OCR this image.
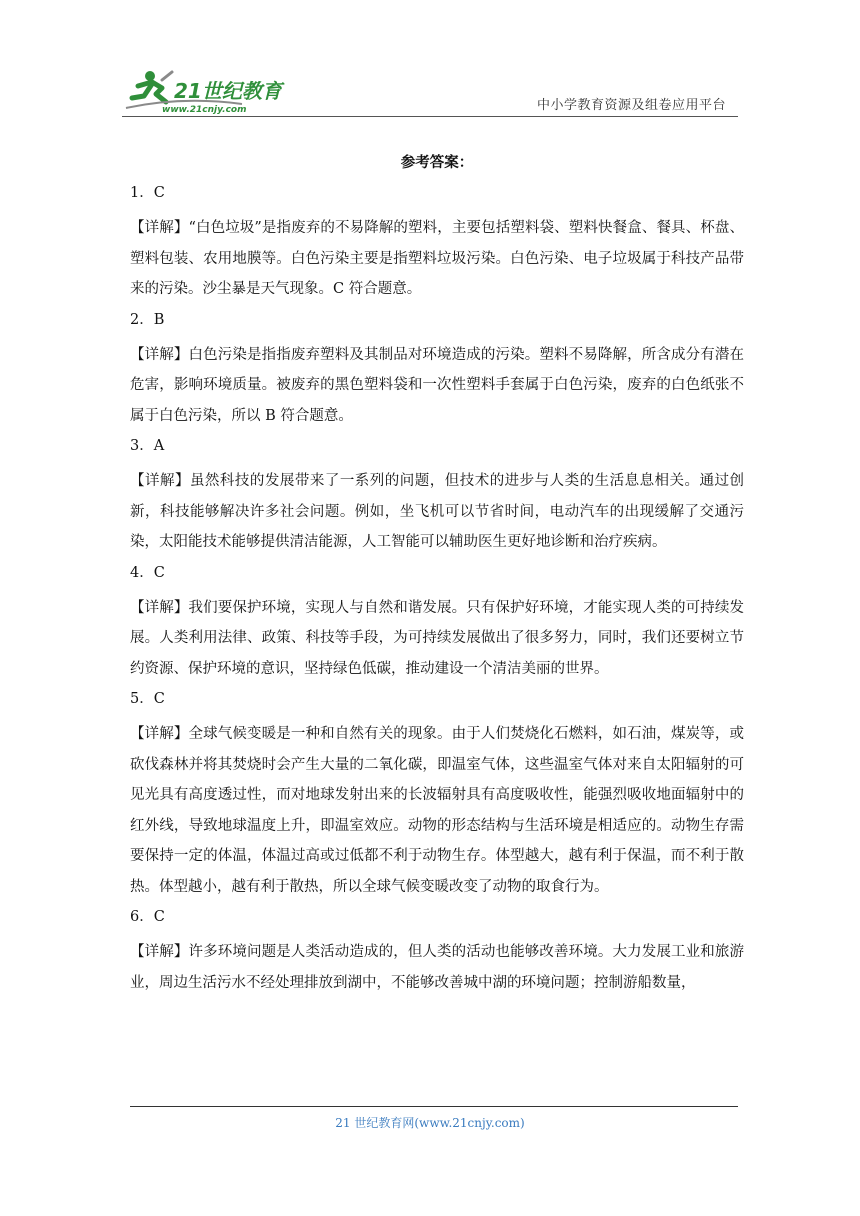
21世纪教育
www.21cnjy.com	中小学教育资源及组卷应用平台
参考答案：
1．C

【详解】“白色垃圾”是指废弃的不易降解的塑料，主要包括塑料袋、塑料快餐盒、餐具、杯盘、塑料包装、农用地膜等。白色污染主要是指塑料垃圾污染。白色污染、电子垃圾属于科技产品带来的污染。沙尘暴是天气现象。C 符合题意。

2．B

【详解】白色污染是指指废弃塑料及其制品对环境造成的污染。塑料不易降解，所含成分有潜在危害，影响环境质量。被废弃的黑色塑料袋和一次性塑料手套属于白色污染，废弃的白色纸张不属于白色污染，所以 B 符合题意。

3．A

【详解】虽然科技的发展带来了一系列的问题，但技术的进步与人类的生活息息相关。通过创新，科技能够解决许多社会问题。例如，坐飞机可以节省时间，电动汽车的出现缓解了交通污染，太阳能技术能够提供清洁能源，人工智能可以辅助医生更好地诊断和治疗疾病。

4．C

【详解】我们要保护环境，实现人与自然和谐发展。只有保护好环境，才能实现人类的可持续发展。人类利用法律、政策、科技等手段，为可持续发展做出了很多努力，同时，我们还要树立节约资源、保护环境的意识，坚持绿色低碳，推动建设一个清洁美丽的世界。

5．C

【详解】全球气候变暖是一种和自然有关的现象。由于人们焚烧化石燃料，如石油，煤炭等，或砍伐森林并将其焚烧时会产生大量的二氧化碳，即温室气体，这些温室气体对来自太阳辐射的可见光具有高度透过性，而对地球发射出来的长波辐射具有高度吸收性，能强烈吸收地面辐射中的红外线，导致地球温度上升，即温室效应。动物的形态结构与生活环境是相适应的。动物生存需要保持一定的体温，体温过高或过低都不利于动物生存。体型越大，越有利于保温，而不利于散热。体型越小，越有利于散热，所以全球气候变暖改变了动物的取食行为。

6．C

【详解】许多环境问题是人类活动造成的，但人类的活动也能够改善环境。大力发展工业和旅游业，周边生活污水不经处理排放到湖中，不能够改善城中湖的环境问题；控制游船数量，

21 世纪教育网(www.21cnjy.com)
